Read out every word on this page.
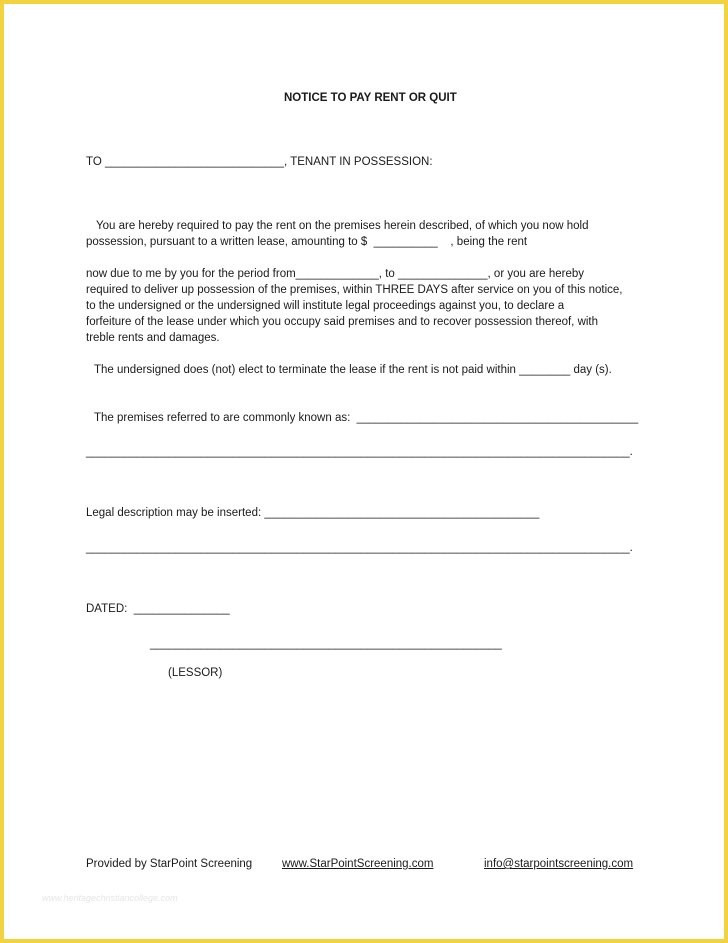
NOTICE TO PAY RENT OR QUIT
TO ____________________________, TENANT IN POSSESSION:
You are hereby required to pay the rent on the premises herein described, of which you now hold
possession, pursuant to a written lease, amounting to $  __________    , being the rent
now due to me by you for the period from_____________, to ______________, or you are hereby
required to deliver up possession of the premises, within THREE DAYS after service on you of this notice,
to the undersigned or the undersigned will institute legal proceedings against you, to declare a
forfeiture of the lease under which you occupy said premises and to recover possession thereof, with
treble rents and damages.
The undersigned does (not) elect to terminate the lease if the rent is not paid within ________ day (s).
The premises referred to are commonly known as:  ____________________________________________
_____________________________________________________________________________________.
Legal description may be inserted: ___________________________________________
_____________________________________________________________________________________.
DATED:  _______________
_______________________________________________________
(LESSOR)
Provided by StarPoint Screening	www.StarPointScreening.com	info@starpointscreening.com
www.heritagechristiancollege.com
